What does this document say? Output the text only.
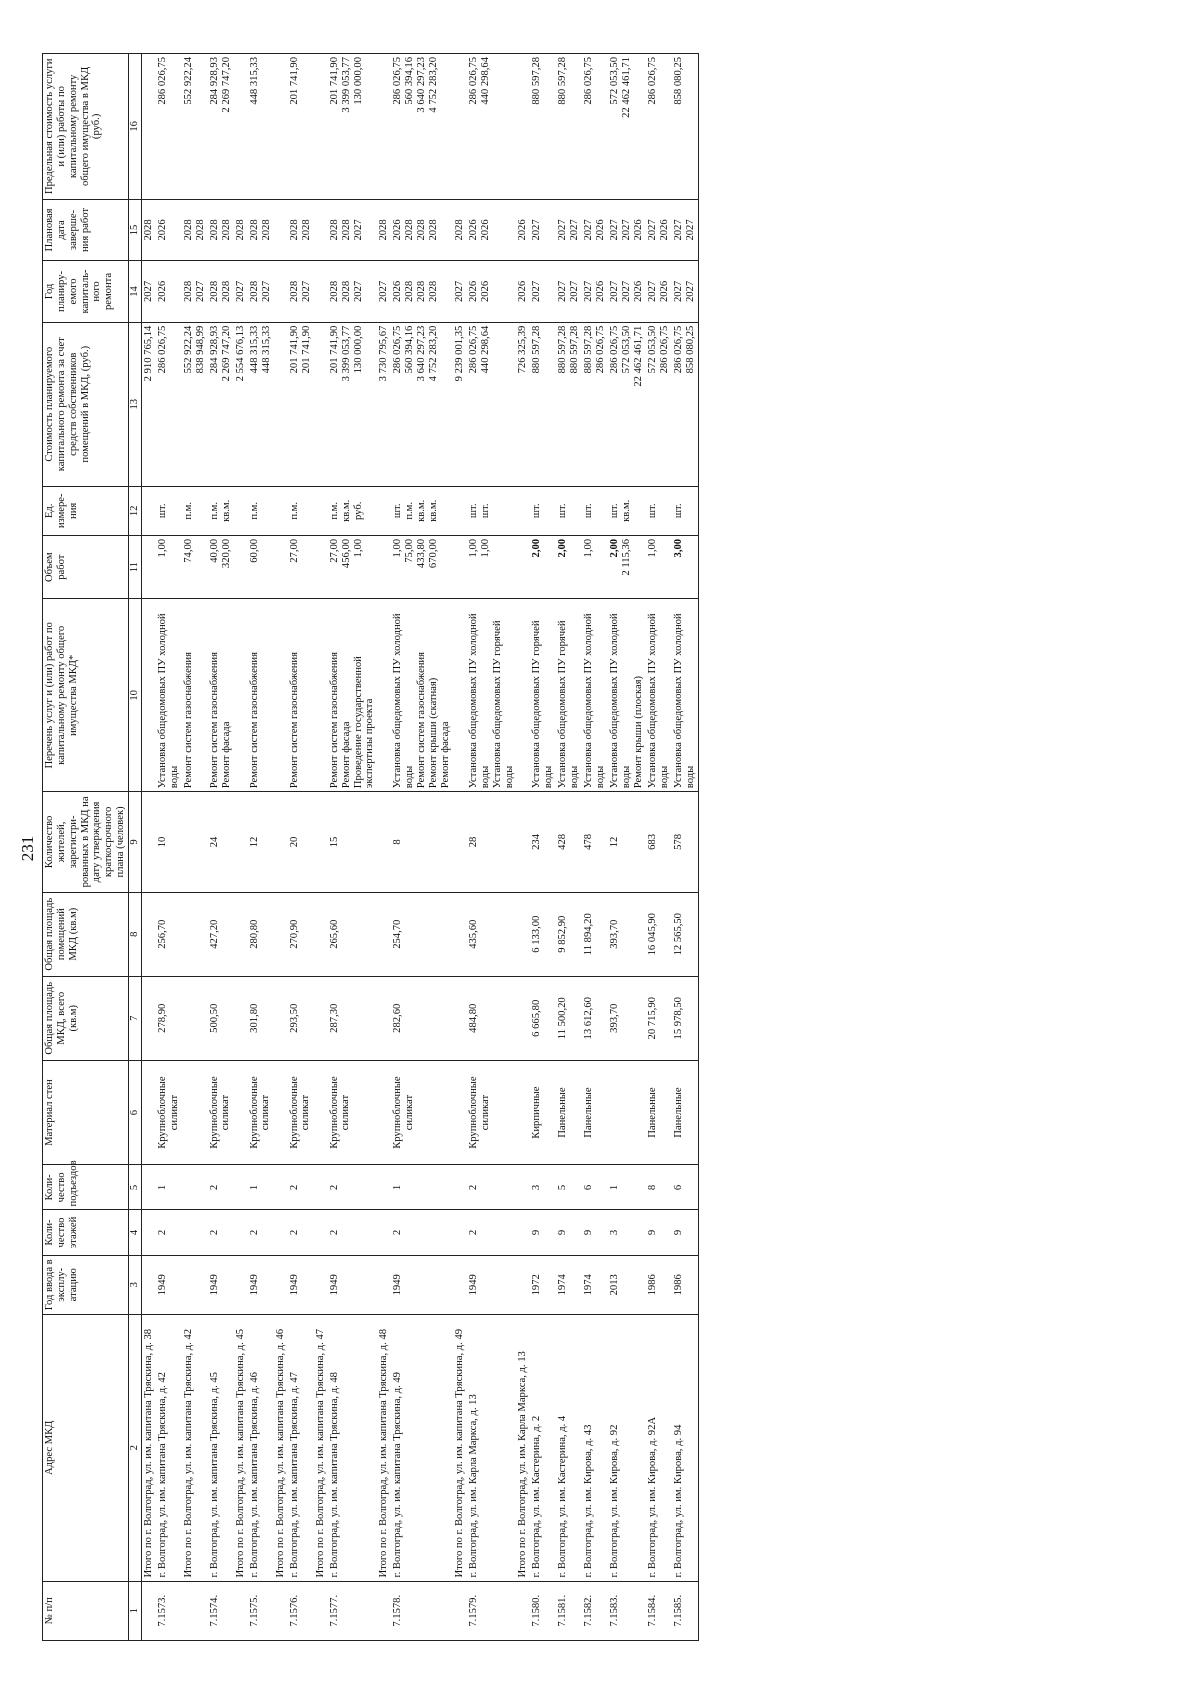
231
№ п/п	Адрес МКД	Год ввода в эксплу-атацию	Коли-чество этажей	Коли-чество подъездов	Материал стен	Общая площадь МКД, всего (кв.м)	Общая площадь помещений МКД (кв.м)	Количество жителей, зарегистри-рованных в МКД на дату утверждения краткосрочного плана (человек)	Перечень услуг и (или) работ по капитальному ремонту общего имущества МКД*	Объем работ	Ед. измере-ния	Стоимость планируемого капитального ремонта за счет средств собственников помещений в МКД, (руб.)	Год планиру-емого капиталь-ного ремонта	Плановая дата заверше-ния работ	Предельная стоимость услуги и (или) работы по капитальному ремонту общего имущества в МКД (руб.)
1	2	3	4	5	6	7	8	9	10	11	12	13	14	15	16
	Итого по г. Волгоград, ул. им. капитана Тряскина, д. 38											2 910 765,14	2027	2028	

7.1573.	г. Волгоград, ул. им. капитана Тряскина, д. 42	1949	2	1	Крупноблочные силикат	278,90	256,70	10	Установка общедомовых ПУ холодной воды	1,00	шт.	286 026,75	2026	2026	286 026,75

	Итого по г. Волгоград, ул. им. капитана Тряскина, д. 42								Ремонт систем газоснабжения	74,00	п.м.	552 922,24 838 948,99	2028 2027	2028 2028	552 922,24

7.1574.	г. Волгоград, ул. им. капитана Тряскина, д. 45	1949	2	2	Крупноблочные силикат	500,50	427,20	24	Ремонт систем газоснабжения Ремонт фасада	40,00 320,00	п.м. кв.м.	284 928,93 2 269 747,20	2028 2028	2028 2028	284 928,93 2 269 747,20

	Итого по г. Волгоград, ул. им. капитана Тряскина, д. 45											2 554 676,13	2027	2028	

7.1575.	г. Волгоград, ул. им. капитана Тряскина, д. 46	1949	2	1	Крупноблочные силикат	301,80	280,80	12	Ремонт систем газоснабжения	60,00	п.м.	448 315,33 448 315,33	2028 2027	2028 2028	448 315,33

	Итого по г. Волгоград, ул. им. капитана Тряскина, д. 46								

7.1576.	г. Волгоград, ул. им. капитана Тряскина, д. 47	1949	2	2	Крупноблочные силикат	293,50	270,90	20	Ремонт систем газоснабжения	27,00	п.м.	201 741,90 201 741,90	2028 2027	2028 2028	201 741,90

	Итого по г. Волгоград, ул. им. капитана Тряскина, д. 47								

7.1577.	г. Волгоград, ул. им. капитана Тряскина, д. 48	1949	2	2	Крупноблочные силикат	287,30	265,60	15	Ремонт систем газоснабжения Ремонт фасада Проведение государственной экспертизы проекта	27,00 456,00 1,00	п.м. кв.м. руб.	201 741,90 3 399 053,77 130 000,00	2028 2028 2027	2028 2028 2027	201 741,90 3 399 053,77 130 000,00

	Итого по г. Волгоград, ул. им. капитана Тряскина, д. 48											3 730 795,67	2027	2028	

7.1578.	г. Волгоград, ул. им. капитана Тряскина, д. 49	1949	2	1	Крупноблочные силикат	282,60	254,70	8	Установка общедомовых ПУ холодной воды Ремонт систем газоснабжения Ремонт крыши (скатная) Ремонт фасада	1,00 75,00 433,80 670,00	шт. п.м. кв.м. кв.м.	286 026,75 560 394,16 3 640 297,23 4 752 283,20	2026 2028 2028 2028	2026 2028 2028 2028	286 026,75 560 394,16 3 640 297,23 4 752 283,20

	Итого по г. Волгоград, ул. им. капитана Тряскина, д. 49											9 239 001,35	2027	2028	

7.1579.	г. Волгоград, ул. им. Карла Маркса, д. 13	1949	2	2	Крупноблочные силикат	484,80	435,60	28	Установка общедомовых ПУ холодной воды Установка общедомовых ПУ горячей воды	1,00 1,00	шт. шт.	286 026,75 440 298,64	2026 2026	2026 2026	286 026,75 440 298,64

	Итого по г. Волгоград, ул. им. Карла Маркса, д. 13											726 325,39	2026	2026	

7.1580.	г. Волгоград, ул. им. Кастерина, д. 2	1972	9	3	Кирпичные	6 665,80	6 133,00	234	Установка общедомовых ПУ горячей воды	2,00	шт.	880 597,28	2027	2027	880 597,28

7.1581.	г. Волгоград, ул. им. Кастерина, д. 4	1974	9	5	Панельные	11 500,20	9 852,90	428	Установка общедомовых ПУ горячей воды	2,00	шт.	880 597,28 880 597,28	2027 2027	2027 2027	880 597,28

7.1582.	г. Волгоград, ул. им. Кирова, д. 43	1974	9	6	Панельные	13 612,60	11 894,20	478	Установка общедомовых ПУ холодной воды	1,00	шт.	880 597,28 286 026,75	2027 2026	2027 2026	286 026,75

7.1583.	г. Волгоград, ул. им. Кирова, д. 92	2013	3	1		393,70	393,70	12	Установка общедомовых ПУ холодной воды Ремонт крыши (плоская)	2,00 2 115,36	шт. кв.м.	286 026,75 572 053,50 22 462 461,71	2027 2027 2026	2027 2027 2026	572 053,50 22 462 461,71

7.1584.	г. Волгоград, ул. им. Кирова, д. 92А	1986	9	8	Панельные	20 715,90	16 045,90	683	Установка общедомовых ПУ холодной воды	1,00	шт.	572 053,50 286 026,75	2027 2026	2027 2026	286 026,75

7.1585.	г. Волгоград, ул. им. Кирова, д. 94	1986	9	6	Панельные	15 978,50	12 565,50	578	Установка общедомовых ПУ холодной воды	3,00	шт.	286 026,75 858 080,25	2027 2027	2027 2027	858 080,25
